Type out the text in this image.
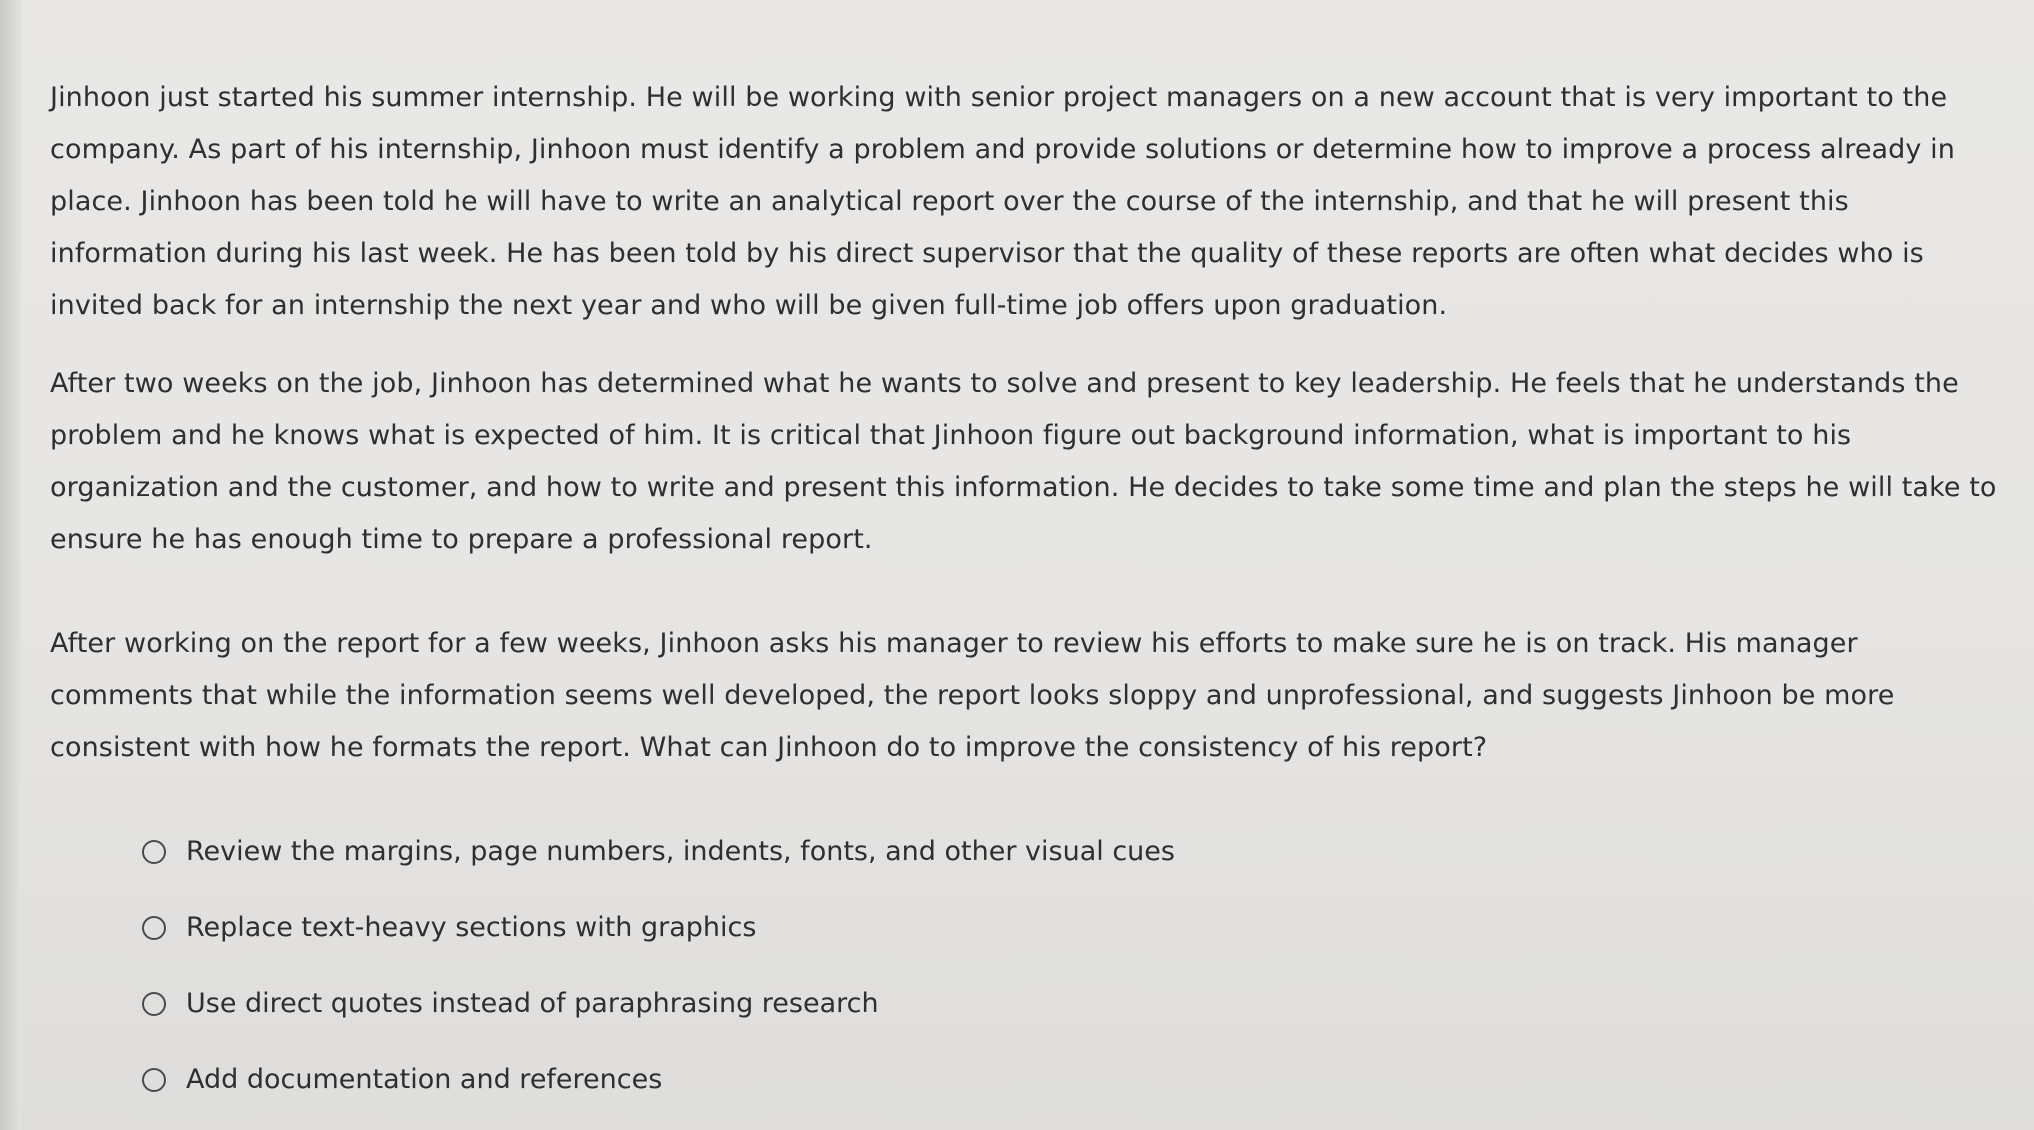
Jinhoon just started his summer internship. He will be working with senior project managers on a new account that is very important to the company. As part of his internship, Jinhoon must identify a problem and provide solutions or determine how to improve a process already in place. Jinhoon has been told he will have to write an analytical report over the course of the internship, and that he will present this information during his last week. He has been told by his direct supervisor that the quality of these reports are often what decides who is invited back for an internship the next year and who will be given full-time job offers upon graduation.

After two weeks on the job, Jinhoon has determined what he wants to solve and present to key leadership. He feels that he understands the problem and he knows what is expected of him. It is critical that Jinhoon figure out background information, what is important to his organization and the customer, and how to write and present this information. He decides to take some time and plan the steps he will take to ensure he has enough time to prepare a professional report.

After working on the report for a few weeks, Jinhoon asks his manager to review his efforts to make sure he is on track. His manager comments that while the information seems well developed, the report looks sloppy and unprofessional, and suggests Jinhoon be more consistent with how he formats the report. What can Jinhoon do to improve the consistency of his report?

Review the margins, page numbers, indents, fonts, and other visual cues
Replace text-heavy sections with graphics
Use direct quotes instead of paraphrasing research
Add documentation and references
